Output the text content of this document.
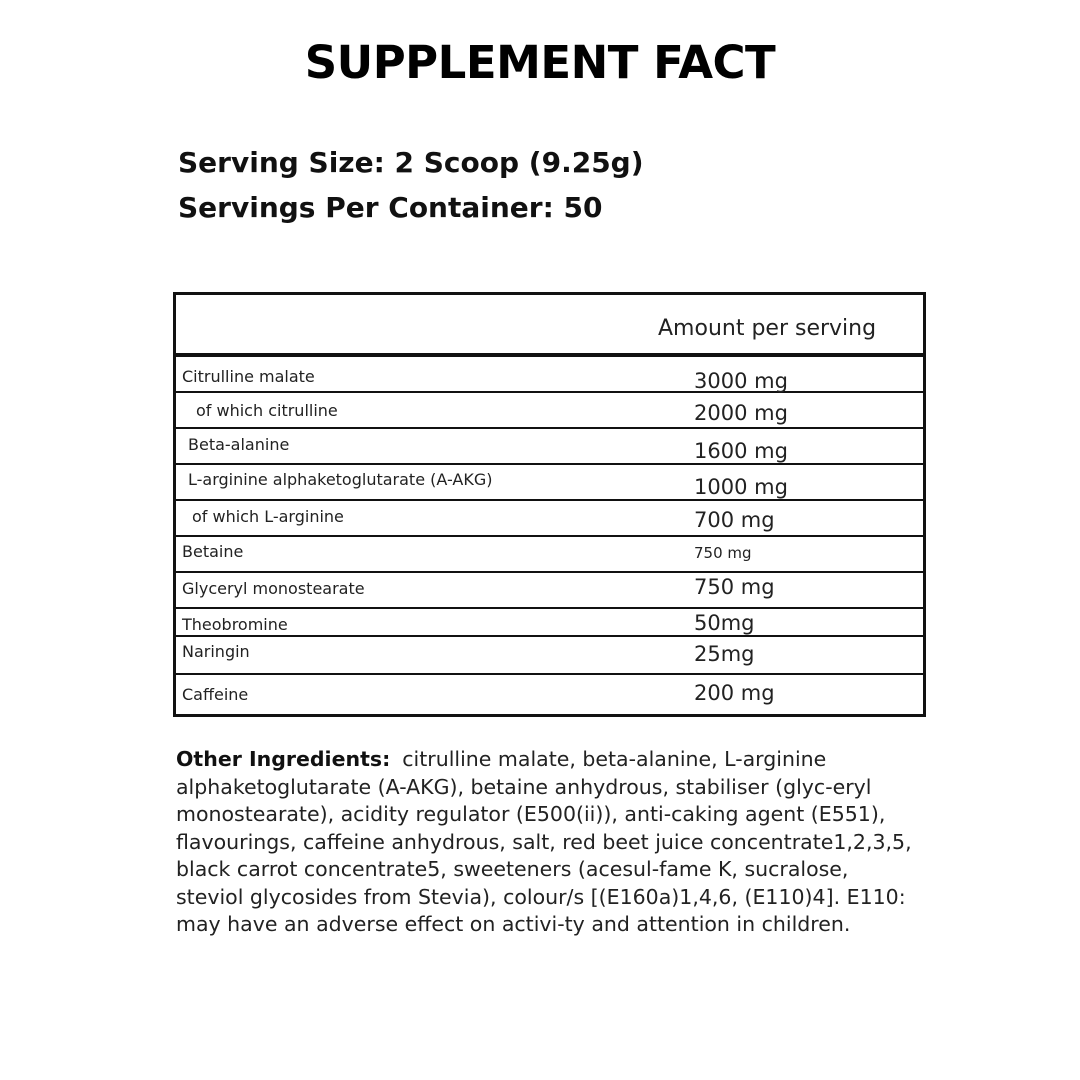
SUPPLEMENT FACT
Serving Size: 2 Scoop (9.25g)
Servings Per Container: 50
Amount per serving
Citrulline malate	3000 mg
of which citrulline	2000 mg
Beta-alanine	1600 mg
L-arginine alphaketoglutarate (A-AKG)	1000 mg
of which L-arginine	700 mg
Betaine	750 mg
Glyceryl monostearate	750 mg
Theobromine	50mg
Naringin	25mg
Caffeine	200 mg
Other Ingredients: citrulline malate, beta-alanine, L-arginine alphaketoglutarate (A-AKG), betaine anhydrous, stabiliser (glyc-eryl monostearate), acidity regulator (E500(ii)), anti-caking agent (E551), flavourings, caffeine anhydrous, salt, red beet juice concentrate1,2,3,5, black carrot concentrate5, sweeteners (acesul-fame K, sucralose, steviol glycosides from Stevia), colour/s [(E160a)1,4,6, (E110)4]. E110: may have an adverse effect on activi-ty and attention in children.
